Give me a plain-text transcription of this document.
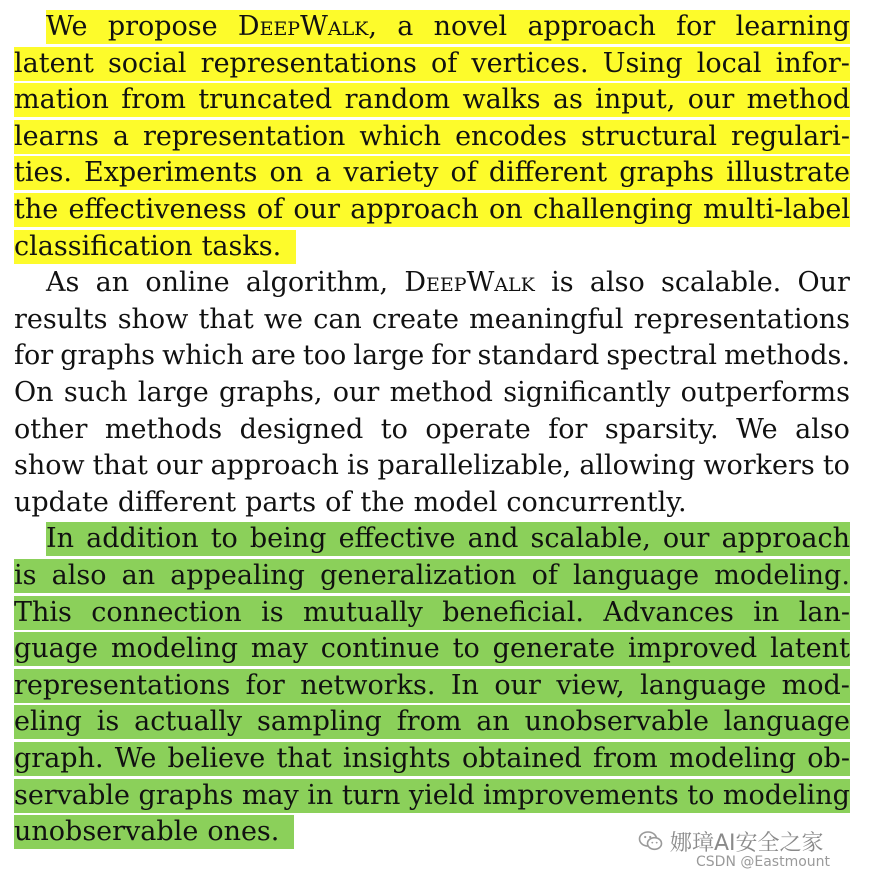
We propose DeepWalk, a novel approach for learning
latent social representations of vertices. Using local infor-
mation from truncated random walks as input, our method
learns a representation which encodes structural regulari-
ties. Experiments on a variety of different graphs illustrate
the effectiveness of our approach on challenging multi-label
classification tasks.
As an online algorithm, DeepWalk is also scalable. Our
results show that we can create meaningful representations
for graphs which are too large for standard spectral methods.
On such large graphs, our method significantly outperforms
other methods designed to operate for sparsity. We also
show that our approach is parallelizable, allowing workers to
update different parts of the model concurrently.
In addition to being effective and scalable, our approach
is also an appealing generalization of language modeling.
This connection is mutually beneficial. Advances in lan-
guage modeling may continue to generate improved latent
representations for networks. In our view, language mod-
eling is actually sampling from an unobservable language
graph. We believe that insights obtained from modeling ob-
servable graphs may in turn yield improvements to modeling
unobservable ones.	娜璋AI安全之家
CSDN @Eastmount
